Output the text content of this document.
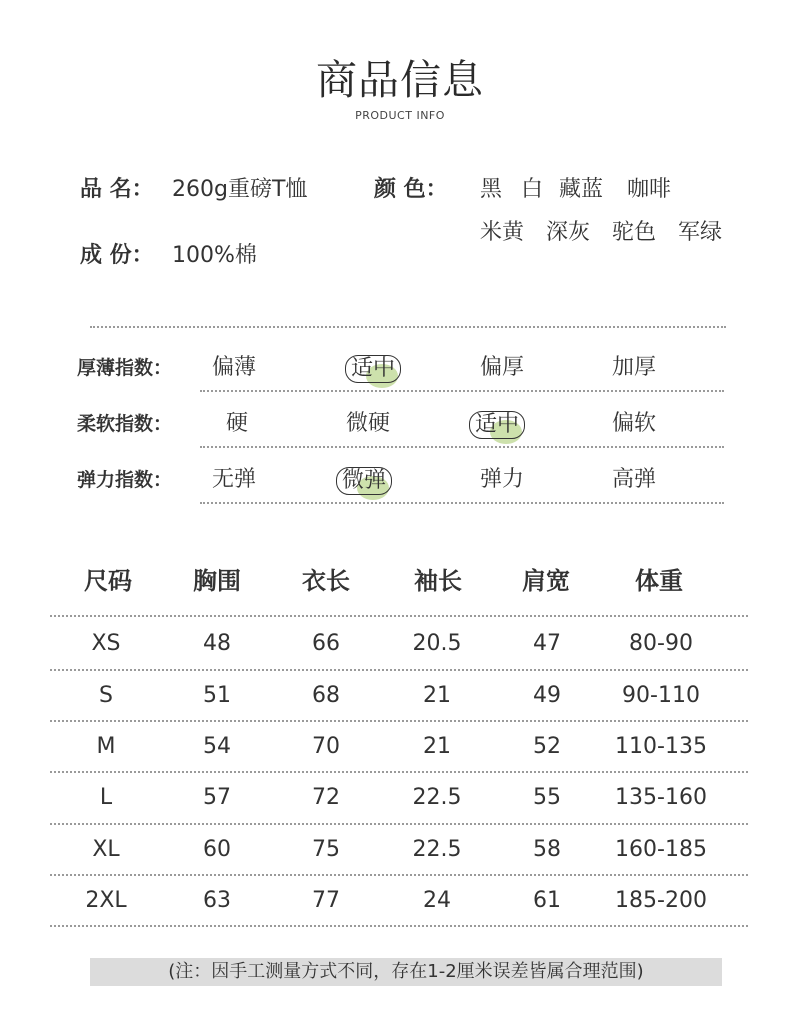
商品信息
PRODUCT INFO
品 名： 260g重磅T恤	颜 色： 黑 白 藏蓝 咖啡
米黄 深灰 驼色 军绿
成 份： 100%棉
厚薄指数： 偏薄	适中	偏厚	加厚
柔软指数： 硬	微硬	适中	偏软
弹力指数： 无弹	微弹	弹力	高弹
尺码	胸围	衣长	袖长	肩宽	体重
XS	48	66	20.5	47	80-90
S	51	68	21	49	90-110
M	54	70	21	52	110-135
L	57	72	22.5	55	135-160
XL	60	75	22.5	58	160-185
2XL	63	77	24	61	185-200
(注：因手工测量方式不同，存在1-2厘米误差皆属合理范围)
